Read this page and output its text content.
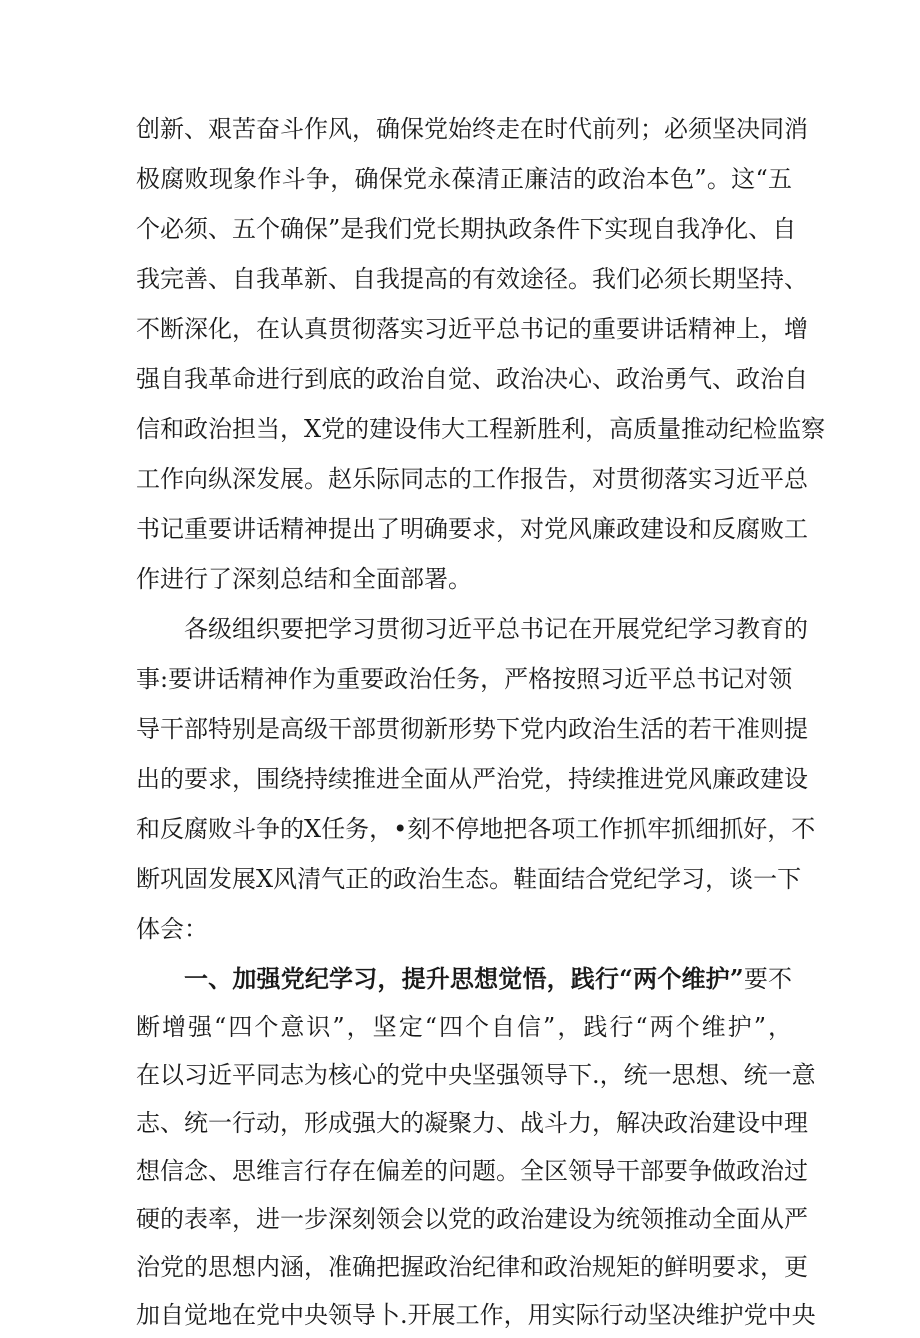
创新、艰苦奋斗作风，确保党始终走在时代前列；必须坚决同消
极腐败现象作斗争，确保党永葆清正廉洁的政治本色”。这“五
个必须、五个确保”是我们党长期执政条件下实现自我净化、自
我完善、自我革新、自我提高的有效途径。我们必须长期坚持、
不断深化，在认真贯彻落实习近平总书记的重要讲话精神上，增
强自我革命进行到底的政治自觉、政治决心、政治勇气、政治自
信和政治担当，X党的建设伟大工程新胜利，高质量推动纪检监察
工作向纵深发展。赵乐际同志的工作报告，对贯彻落实习近平总
书记重要讲话精神提出了明确要求，对党风廉政建设和反腐败工
作进行了深刻总结和全面部署。
各级组织要把学习贯彻习近平总书记在开展党纪学习教育的
事:要讲话精神作为重要政治任务，严格按照习近平总书记对领
导干部特别是高级干部贯彻新形势下党内政治生活的若干准则提
出的要求，围绕持续推进全面从严治党，持续推进党风廉政建设
和反腐败斗争的X任务，•刻不停地把各项工作抓牢抓细抓好，不
断巩固发展X风清气正的政治生态。鞋面结合党纪学习，谈一下
体会：
一、加强党纪学习，提升思想觉悟，践行“两个维护”要不
断增强“四个意识”，坚定“四个自信”，践行“两个维护”，
在以习近平同志为核心的党中央坚强领导下.，统一思想、统一意
志、统一行动，形成强大的凝聚力、战斗力，解决政治建设中理
想信念、思维言行存在偏差的问题。全区领导干部要争做政治过
硬的表率，进一步深刻领会以党的政治建设为统领推动全面从严
治党的思想内涵，准确把握政治纪律和政治规矩的鲜明要求，更
加自觉地在党中央领导卜.开展工作，用实际行动坚决维护党中央
